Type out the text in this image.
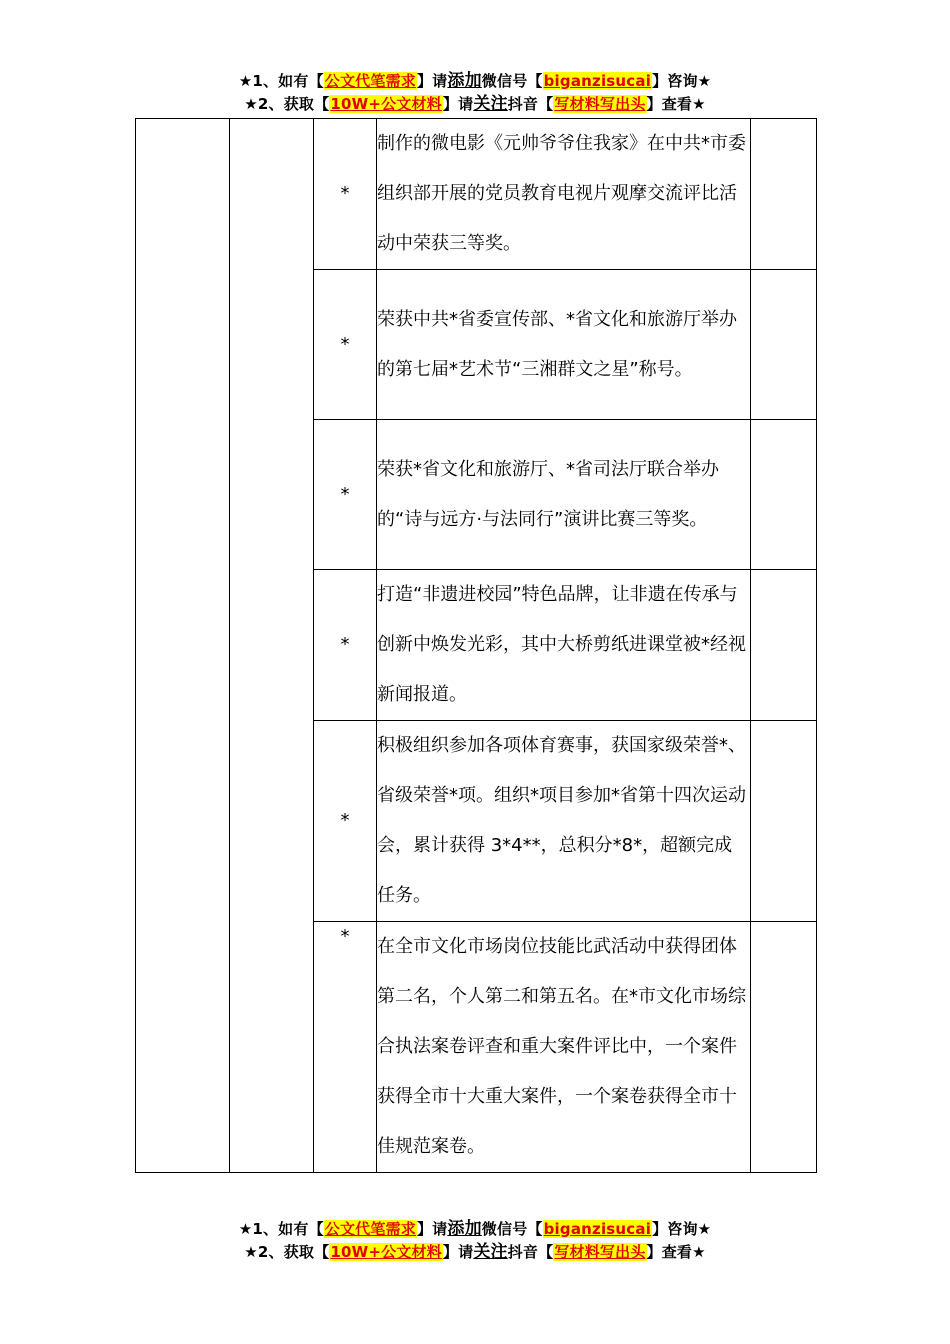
★1、如有【公文代笔需求】请添加微信号【biganzisucai】咨询★
★2、获取【10W+公文材料】请关注抖音【写材料写出头】查看★
		*	制作的微电影《元帅爷爷住我家》在中共*市委组织部开展的党员教育电视片观摩交流评比活动中荣获三等奖。	
		*	荣获中共*省委宣传部、*省文化和旅游厅举办的第七届*艺术节“三湘群文之星”称号。	
		*	荣获*省文化和旅游厅、*省司法厅联合举办的“诗与远方·与法同行”演讲比赛三等奖。	
		*	打造“非遗进校园”特色品牌，让非遗在传承与创新中焕发光彩，其中大桥剪纸进课堂被*经视新闻报道。	
		*	积极组织参加各项体育赛事，获国家级荣誉*、省级荣誉*项。组织*项目参加*省第十四次运动会，累计获得 3*4**，总积分*8*，超额完成任务。	
		*	在全市文化市场岗位技能比武活动中获得团体第二名，个人第二和第五名。在*市文化市场综合执法案卷评查和重大案件评比中，一个案件获得全市十大重大案件，一个案卷获得全市十佳规范案卷。	
★1、如有【公文代笔需求】请添加微信号【biganzisucai】咨询★
★2、获取【10W+公文材料】请关注抖音【写材料写出头】查看★
